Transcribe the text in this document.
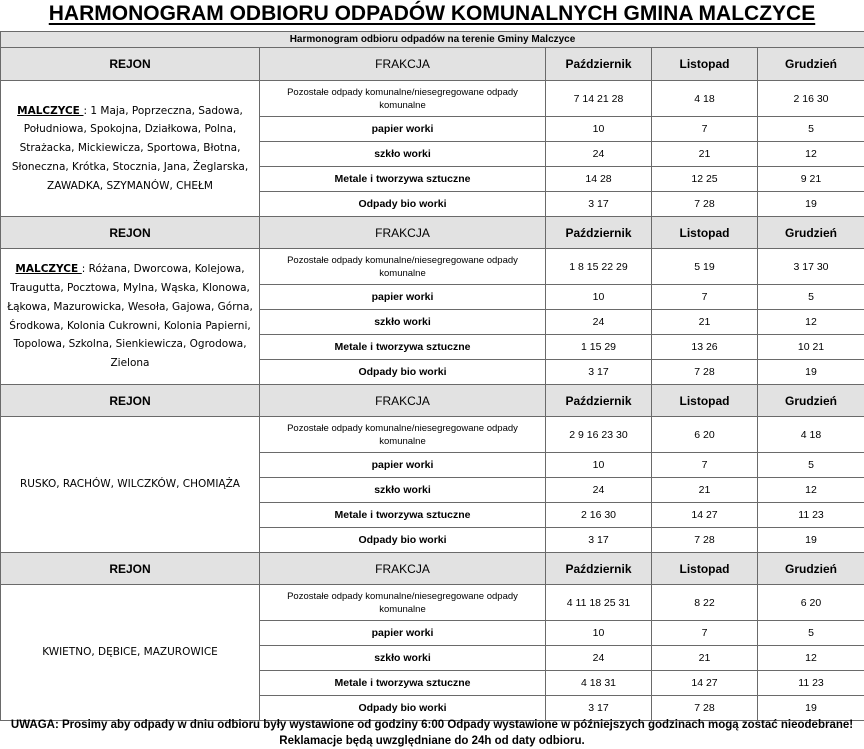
HARMONOGRAM ODBIORU ODPADÓW KOMUNALNYCH GMINA MALCZYCE
Harmonogram odbioru odpadów na terenie Gminy Malczyce				
REJON	FRAKCJA	Październik	Listopad	Grudzień
MALCZYCE : 1 Maja, Poprzeczna, Sadowa, Południowa, Spokojna, Działkowa, Polna, Strażacka, Mickiewicza, Sportowa, Błotna, Słoneczna, Krótka, Stocznia, Jana, Żeglarska, ZAWADKA, SZYMANÓW, CHEŁM	Pozostałe odpady komunalne/niesegregowane odpady komunalne	7 14 21 28	4 18	2 16 30
	papier worki	10	7	5
	szkło worki	24	21	12
	Metale i tworzywa sztuczne	14 28	12 25	9 21
	Odpady bio worki	3 17	7 28	19
REJON	FRAKCJA	Październik	Listopad	Grudzień
MALCZYCE : Różana, Dworcowa, Kolejowa, Traugutta, Pocztowa, Mylna, Wąska, Klonowa, Łąkowa, Mazurowicka, Wesoła, Gajowa, Górna, Środkowa, Kolonia Cukrowni, Kolonia Papierni, Topolowa, Szkolna, Sienkiewicza, Ogrodowa, Zielona	Pozostałe odpady komunalne/niesegregowane odpady komunalne	1 8 15 22 29	5 19	3 17 30
	papier worki	10	7	5
	szkło worki	24	21	12
	Metale i tworzywa sztuczne	1 15 29	13 26	10 21
	Odpady bio worki	3 17	7 28	19
REJON	FRAKCJA	Październik	Listopad	Grudzień
RUSKO, RACHÓW, WILCZKÓW, CHOMIĄŻA	Pozostałe odpady komunalne/niesegregowane odpady komunalne	2 9 16 23 30	6 20	4 18
	papier worki	10	7	5
	szkło worki	24	21	12
	Metale i tworzywa sztuczne	2 16 30	14 27	11 23
	Odpady bio worki	3 17	7 28	19
REJON	FRAKCJA	Październik	Listopad	Grudzień
KWIETNO, DĘBICE, MAZUROWICE	Pozostałe odpady komunalne/niesegregowane odpady komunalne	4 11 18 25 31	8 22	6 20
	papier worki	10	7	5
	szkło worki	24	21	12
	Metale i tworzywa sztuczne	4 18 31	14 27	11 23
	Odpady bio worki	3 17	7 28	19
UWAGA: Prosimy aby odpady w dniu odbioru były wystawione od godziny 6:00 Odpady wystawione w późniejszych godzinach mogą zostać nieodebrane!
Reklamacje będą uwzględniane do 24h od daty odbioru.
